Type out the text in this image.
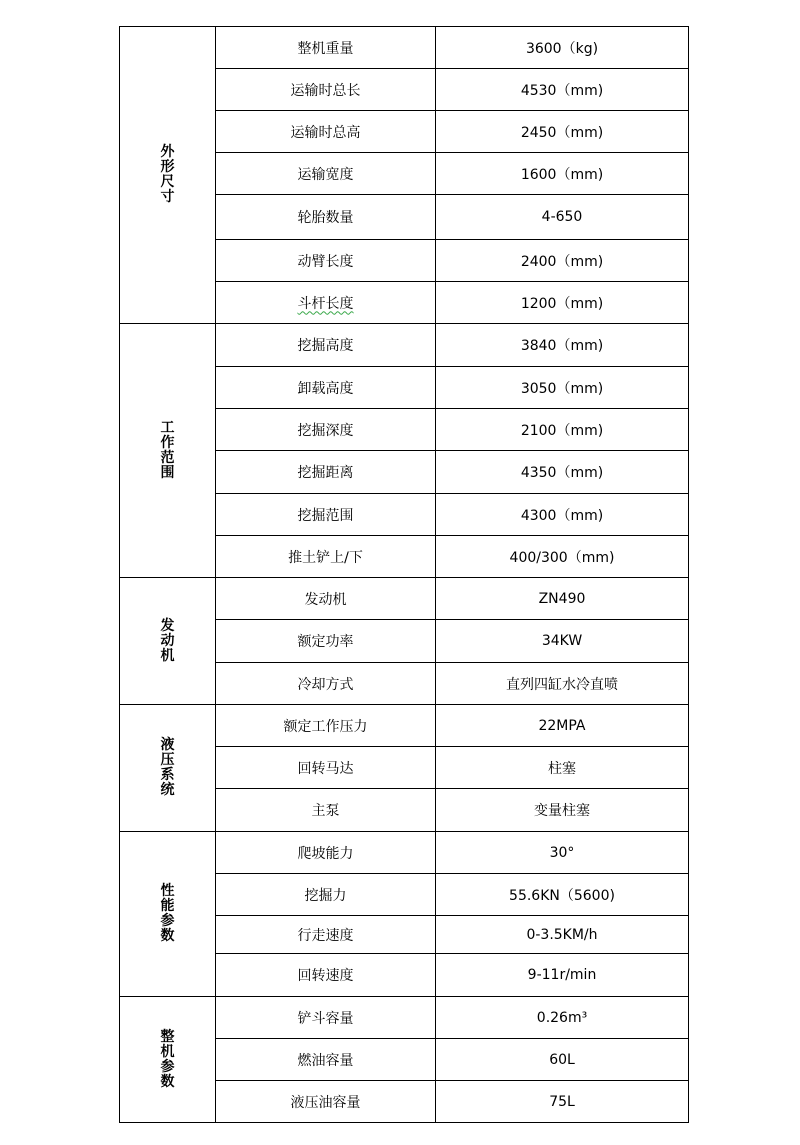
外形尺寸	整机重量	3600（kg)
	运输时总长	4530（mm)
	运输时总高	2450（mm)
	运输宽度	1600（mm)
	轮胎数量	4-650
	动臂长度	2400（mm)
	斗杆长度	1200（mm)
工作范围	挖掘高度	3840（mm)
	卸载高度	3050（mm)
	挖掘深度	2100（mm)
	挖掘距离	4350（mm)
	挖掘范围	4300（mm)
	推土铲上/下	400/300（mm)
发动机	发动机	ZN490
	额定功率	34KW
	冷却方式	直列四缸水冷直喷
液压系统	额定工作压力	22MPA
	回转马达	柱塞
	主泵	变量柱塞
性能参数	爬坡能力	30°
	挖掘力	55.6KN（5600)
	行走速度	0-3.5KM/h
	回转速度	9-11r/min
整机参数	铲斗容量	0.26m³
	燃油容量	60L
	液压油容量	75L
